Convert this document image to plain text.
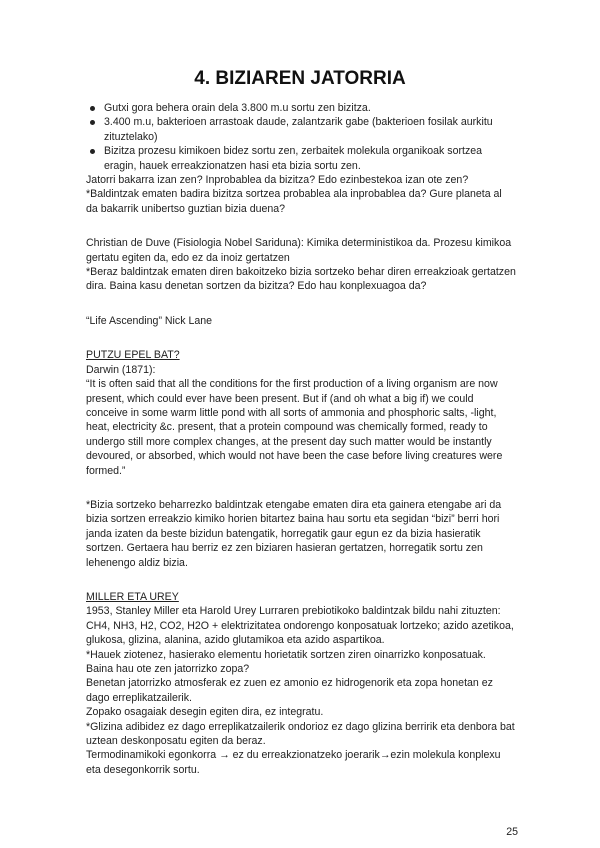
4. BIZIAREN JATORRIA
Gutxi gora behera orain dela 3.800 m.u sortu zen bizitza.
3.400 m.u, bakterioen arrastoak daude, zalantzarik gabe (bakterioen fosilak aurkitu zituztelako)
Bizitza prozesu kimikoen bidez sortu zen, zerbaitek molekula organikoak sortzea eragin, hauek erreakzionatzen hasi eta bizia sortu zen.

Jatorri bakarra izan zen? Inprobablea da bizitza? Edo ezinbestekoa izan ote zen?

*Baldintzak ematen badira bizitza sortzea probablea ala inprobablea da? Gure planeta al da bakarrik unibertso guztian bizia duena?

Christian de Duve (Fisiologia Nobel Sariduna): Kimika deterministikoa da. Prozesu kimikoa gertatu egiten da, edo ez da inoiz gertatzen

*Beraz baldintzak ematen diren bakoitzeko bizia sortzeko behar diren erreakzioak gertatzen dira. Baina kasu denetan sortzen da bizitza? Edo hau konplexuagoa da?

“Life Ascending” Nick Lane

PUTZU EPEL BAT?

Darwin (1871):

“It is often said that all the conditions for the first production of a living organism are now present, which could ever have been present. But if (and oh what a big if) we could conceive in some warm little pond with all sorts of ammonia and phosphoric salts, -light, heat, electricity &c. present, that a protein compound was chemically formed, ready to undergo still more complex changes, at the present day such matter would be instantly devoured, or absorbed, which would not have been the case before living creatures were formed.”

*Bizia sortzeko beharrezko baldintzak etengabe ematen dira eta gainera etengabe ari da bizia sortzen erreakzio kimiko horien bitartez baina hau sortu eta segidan “bizi” berri hori janda izaten da beste bizidun batengatik, horregatik gaur egun ez da bizia hasieratik sortzen. Gertaera hau berriz ez zen biziaren hasieran gertatzen, horregatik sortu zen lehenengo aldiz bizia.

MILLER ETA UREY

1953, Stanley Miller eta Harold Urey Lurraren prebiotikoko baldintzak bildu nahi zituzten: CH4, NH3, H2, CO2, H2O + elektrizitatea ondorengo konposatuak lortzeko; azido azetikoa, glukosa, glizina, alanina, azido glutamikoa eta azido aspartikoa.

*Hauek ziotenez, hasierako elementu horietatik sortzen ziren oinarrizko konposatuak.

Baina hau ote zen jatorrizko zopa?

Benetan jatorrizko atmosferak ez zuen ez amonio ez hidrogenorik eta zopa honetan ez dago erreplikatzailerik.

Zopako osagaiak desegin egiten dira, ez integratu.

*Glizina adibidez ez dago erreplikatzailerik ondorioz ez dago glizina berririk eta denbora bat uztean deskonposatu egiten da beraz.

Termodinamikoki egonkorra → ez du erreakzionatzeko joerarik→ezin molekula konplexu eta desegonkorrik sortu.

25
